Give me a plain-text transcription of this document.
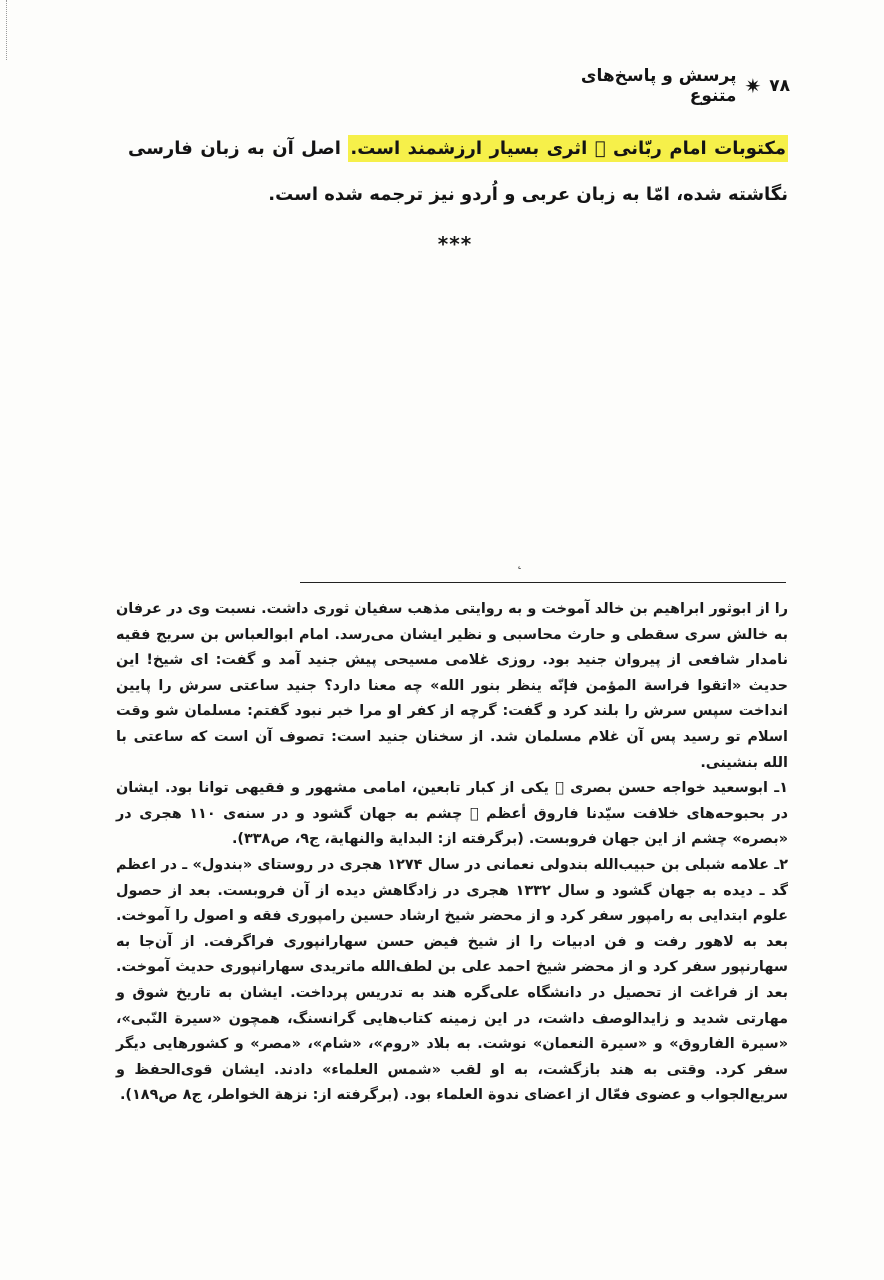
۷۸
✷
پرسش و پاسخ‌های متنوع
مکتوبات امام ربّانی ﷫ اثری بسیار ارزشمند است. اصل آن به زبان فارسی نگاشته شده، امّا به زبان عربی و اُردو نیز ترجمه شده است.
***
˛

را از ابوثور ابراهیم بن خالد آموخت و به روایتی مذهب سفیان ثوری داشت. نسبت وی در عرفان به خالش سری سقطی و حارث محاسبی و نظیر ایشان می‌رسد. امام ابوالعباس بن سریج فقیه نامدار شافعی از پیروان جنید بود. روزی غلامی مسیحی پیش جنید آمد و گفت: ای شیخ! این حدیث «اتقوا فراسة المؤمن فإنّه ینظر بنور الله» چه معنا دارد؟ جنید ساعتی سرش را پایین انداخت سپس سرش را بلند کرد و گفت: گرچه از کفر او مرا خبر نبود گفتم: مسلمان شو وقت اسلام تو رسید پس آن غلام مسلمان شد. از سخنان جنید است: تصوف آن است که ساعتی با الله بنشینی.

۱ـ ابوسعید خواجه حسن بصری ﷫ یکی از کبار تابعین، امامی مشهور و فقیهی توانا بود. ایشان در بحبوحه‌های خلافت سیّدنا فاروق أعظم ﷛ چشم به جهان گشود و در سنه‌ی ۱۱۰ هجری در «بصره» چشم از این جهان فروبست. (برگرفته از: البدایة والنهایة، ج۹، ص۳۳۸).

۲ـ علامه شبلی بن حبیب‌الله بندولی نعمانی در سال ۱۲۷۴ هجری در روستای «بندول» ـ در اعظم گد ـ دیده به جهان گشود و سال ۱۳۳۲ هجری در زادگاهش دیده از آن فروبست. بعد از حصول علوم ابتدایی به رامپور سفر کرد و از محضر شیخ ارشاد حسین رامپوری فقه و اصول را آموخت. بعد به لاهور رفت و فن ادبیات را از شیخ فیض حسن سهارانپوری فراگرفت. از آن‌جا به سهارنپور سفر کرد و از محضر شیخ احمد علی بن لطف‌الله ماتریدی سهارانپوری حدیث آموخت. بعد از فراغت از تحصیل در دانشگاه علی‌گره هند به تدریس پرداخت. ایشان به تاریخ شوق و مهارتی شدید و زایدالوصف داشت، در این زمینه کتاب‌هایی گرانسنگ، همچون «سیرة النّبی»، «سیرة الفاروق» و «سیرة النعمان» نوشت. به بلاد «روم»، «شام»، «مصر» و کشورهایی دیگر سفر کرد. وقتی به هند بازگشت، به او لقب «شمس العلماء» دادند. ایشان قوی‌الحفظ و سریع‌الجواب و عضوی فعّال از اعضای ندوة العلماء بود. (برگرفته از: نزهة الخواطر، ج۸ ص۱۸۹).
